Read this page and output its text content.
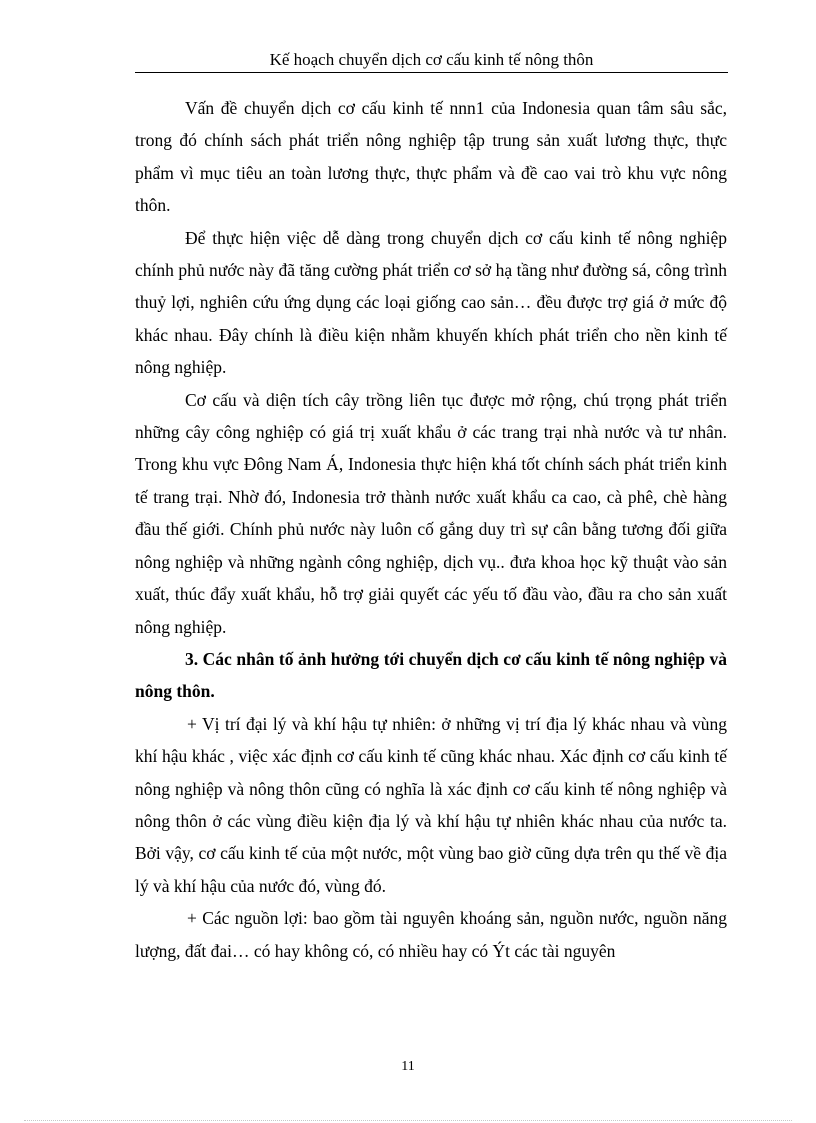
Kế hoạch chuyển dịch cơ cấu kinh tế nông thôn

Vấn đề chuyển dịch cơ cấu kinh tế nnn1 của Indonesia quan tâm sâu sắc, trong đó chính sách phát triển nông nghiệp tập trung sản xuất lương thực, thực phẩm vì mục tiêu an toàn lương thực, thực phẩm và đề cao vai trò khu vực nông thôn.

Để thực hiện việc dễ dàng trong chuyển dịch cơ cấu kinh tế nông nghiệp chính phủ nước này đã tăng cường phát triển cơ sở hạ tầng như đường sá, công trình thuỷ lợi, nghiên cứu ứng dụng các loại giống cao sản… đều được trợ giá ở mức độ khác nhau. Đây chính là điều kiện nhằm khuyến khích phát triển cho nền kinh tế nông nghiệp.

Cơ cấu và diện tích cây trồng liên tục được mở rộng, chú trọng phát triển những cây công nghiệp có giá trị xuất khẩu ở các trang trại nhà nước và tư nhân. Trong khu vực Đông Nam Á, Indonesia thực hiện khá tốt chính sách phát triển kinh tế trang trại. Nhờ đó, Indonesia trở thành nước xuất khẩu ca cao, cà phê, chè hàng đầu thế giới. Chính phủ nước này luôn cố gắng duy trì sự cân bằng tương đối giữa nông nghiệp và những ngành công nghiệp, dịch vụ.. đưa khoa học kỹ thuật vào sản xuất, thúc đẩy xuất khẩu, hỗ trợ giải quyết các yếu tố đầu vào, đầu ra cho sản xuất nông nghiệp.

3. Các nhân tố ảnh hưởng tới chuyển dịch cơ cấu kinh tế nông nghiệp và nông thôn.

+ Vị trí đại lý và khí hậu tự nhiên: ở những vị trí địa lý khác nhau và vùng khí hậu khác , việc xác định cơ cấu kinh tế cũng khác nhau. Xác định cơ cấu kinh tế nông nghiệp và nông thôn cũng có nghĩa là xác định cơ cấu kinh tế nông nghiệp và nông thôn ở các vùng điều kiện địa lý và khí hậu tự nhiên khác nhau của nước ta. Bởi vậy, cơ cấu kinh tế của một nước, một vùng bao giờ cũng dựa trên qu thế về địa lý và khí hậu của nước đó, vùng đó.

+ Các nguồn lợi: bao gồm tài nguyên khoáng sản, nguồn nước, nguồn năng lượng, đất đai… có hay không có, có nhiều hay có Ýt các tài nguyên

11
